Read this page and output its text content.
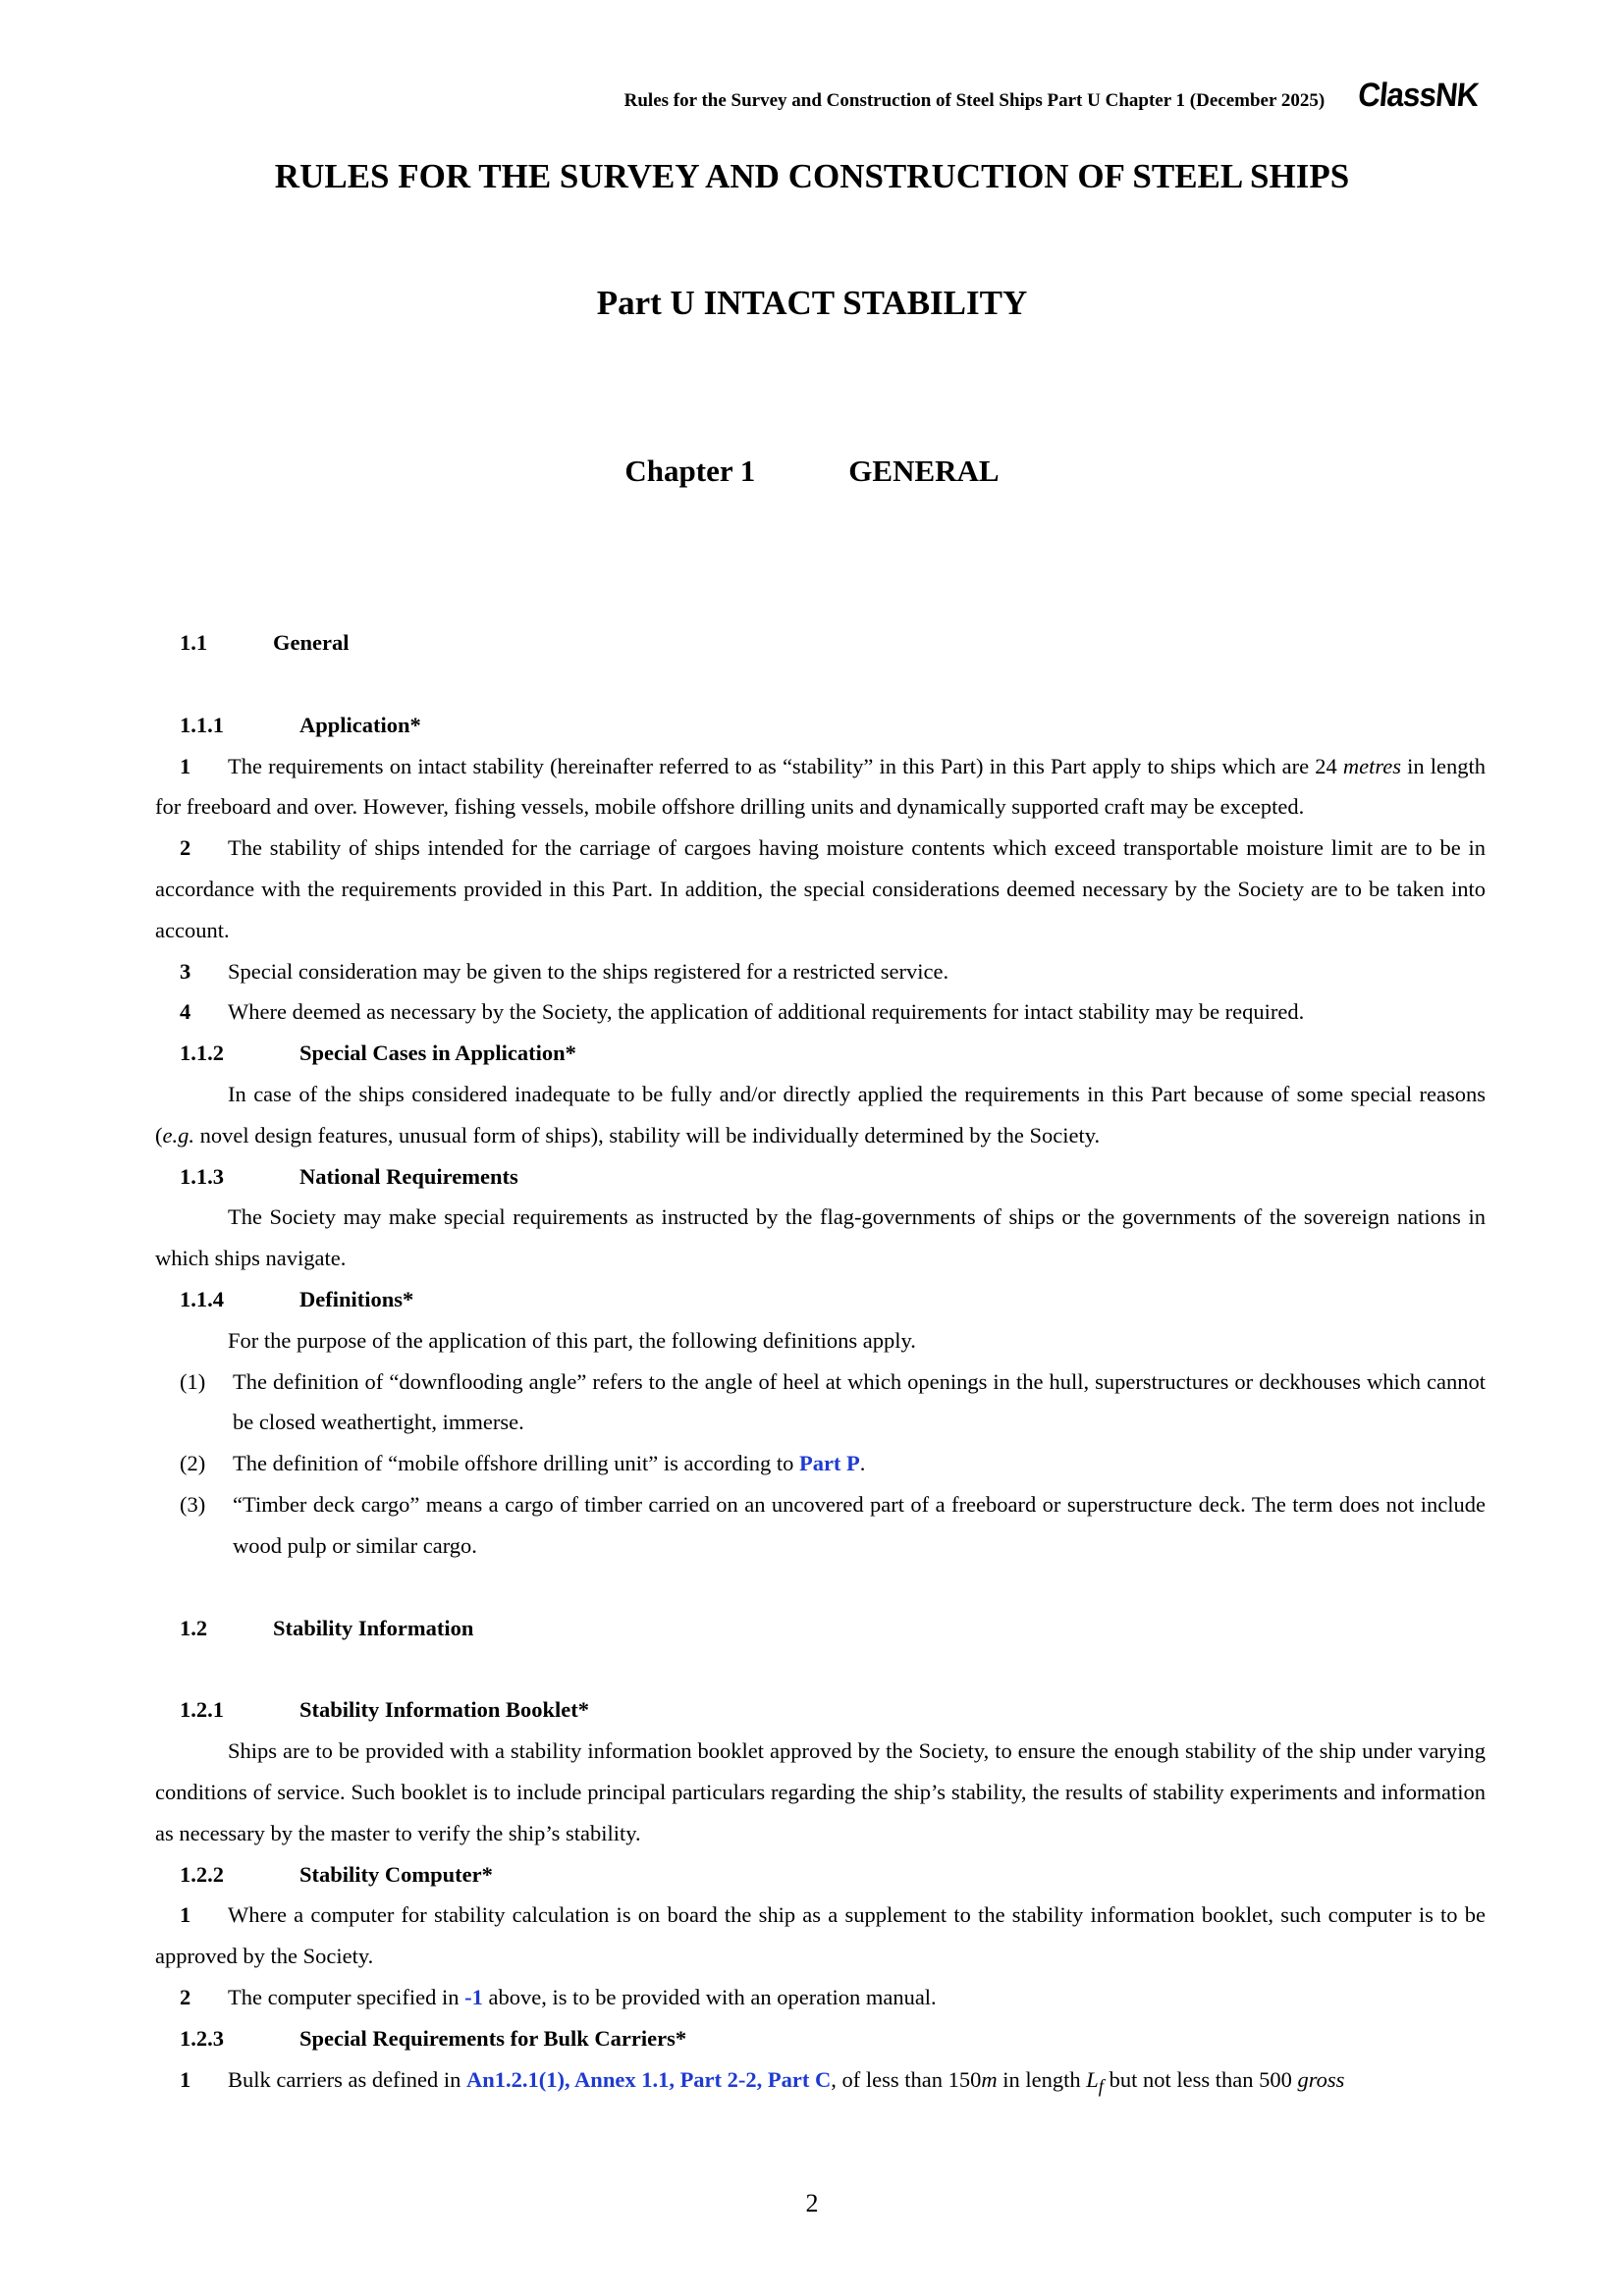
Rules for the Survey and Construction of Steel Ships Part U Chapter 1 (December 2025) ClassNK
RULES FOR THE SURVEY AND CONSTRUCTION OF STEEL SHIPS
Part U INTACT STABILITY
Chapter 1	GENERAL

1.1	General

1.1.1	Application*

1 The requirements on intact stability (hereinafter referred to as “stability” in this Part) in this Part apply to ships which are 24 metres in length for freeboard and over. However, fishing vessels, mobile offshore drilling units and dynamically supported craft may be excepted.

2 The stability of ships intended for the carriage of cargoes having moisture contents which exceed transportable moisture limit are to be in accordance with the requirements provided in this Part. In addition, the special considerations deemed necessary by the Society are to be taken into account.

3 Special consideration may be given to the ships registered for a restricted service.

4 Where deemed as necessary by the Society, the application of additional requirements for intact stability may be required.

1.1.2	Special Cases in Application*

In case of the ships considered inadequate to be fully and/or directly applied the requirements in this Part because of some special reasons (e.g. novel design features, unusual form of ships), stability will be individually determined by the Society.

1.1.3	National Requirements

The Society may make special requirements as instructed by the flag-governments of ships or the governments of the sovereign nations in which ships navigate.

1.1.4	Definitions*

For the purpose of the application of this part, the following definitions apply.

(1) The definition of “downflooding angle” refers to the angle of heel at which openings in the hull, superstructures or deckhouses which cannot be closed weathertight, immerse.

(2) The definition of “mobile offshore drilling unit” is according to Part P.

(3) “Timber deck cargo” means a cargo of timber carried on an uncovered part of a freeboard or superstructure deck. The term does not include wood pulp or similar cargo.

1.2	Stability Information

1.2.1	Stability Information Booklet*

Ships are to be provided with a stability information booklet approved by the Society, to ensure the enough stability of the ship under varying conditions of service. Such booklet is to include principal particulars regarding the ship’s stability, the results of stability experiments and information as necessary by the master to verify the ship’s stability.

1.2.2	Stability Computer*

1 Where a computer for stability calculation is on board the ship as a supplement to the stability information booklet, such computer is to be approved by the Society.

2 The computer specified in -1 above, is to be provided with an operation manual.

1.2.3	Special Requirements for Bulk Carriers*

1 Bulk carriers as defined in An1.2.1(1), Annex 1.1, Part 2-2, Part C, of less than 150m in length $L_f$ but not less than 500 gross

2
